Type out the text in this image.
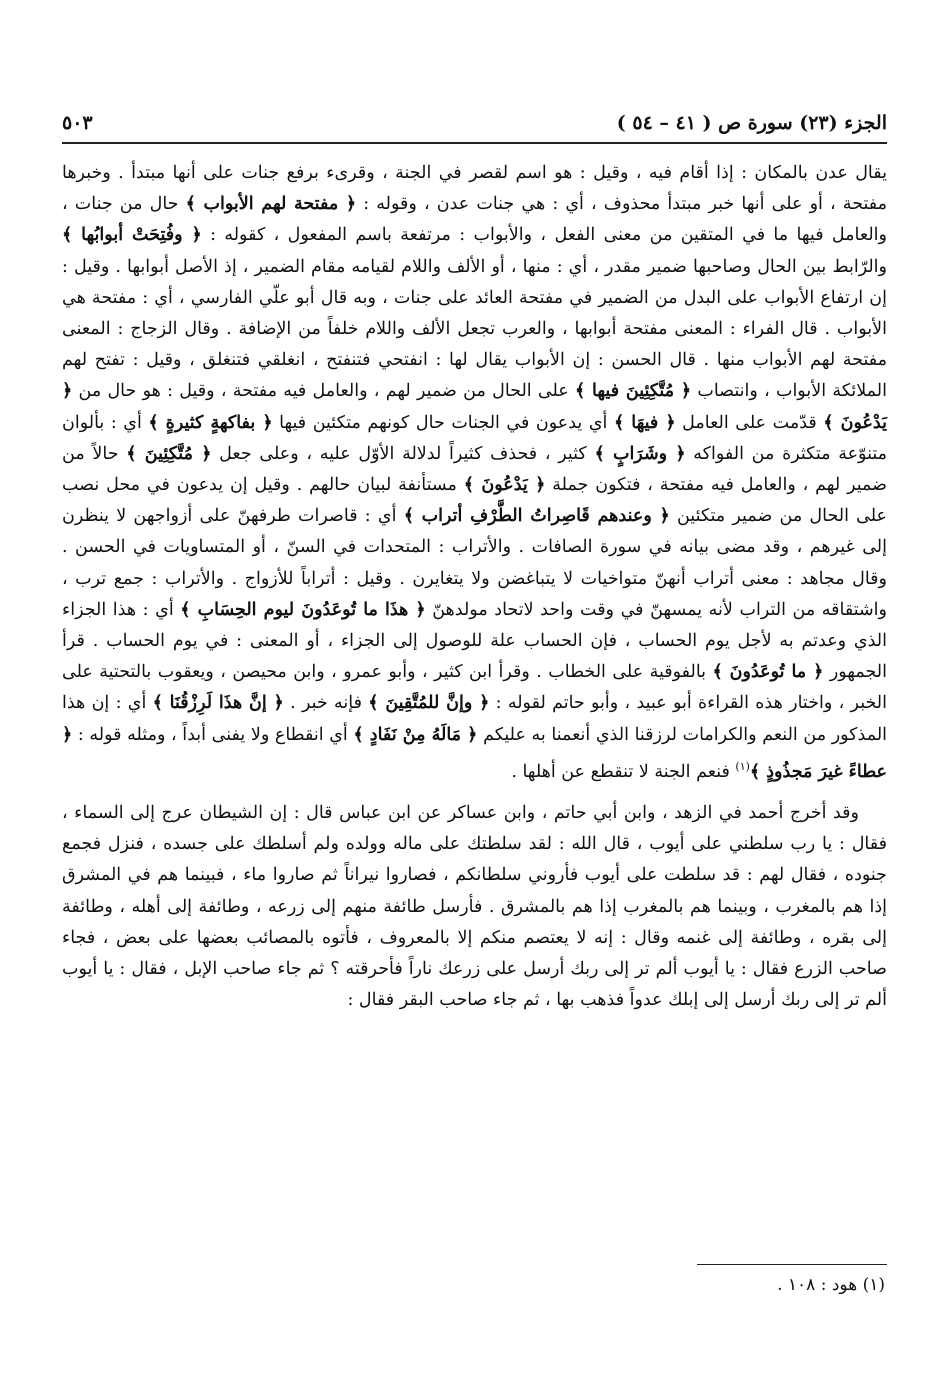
الجزء (٢٣) سورة ص ( ٤١ – ٥٤ )
٥٠٣

يقال عدن بالمكان : إذا أقام فيه ، وقيل : هو اسم لقصر في الجنة ، وقرىء برفع جنات على أنها مبتدأ . وخبرها مفتحة ، أو على أنها خبر مبتدأ محذوف ، أي : هي جنات عدن ، وقوله : ﴿ مفتحة لهم الأبواب ﴾ حال من جنات ، والعامل فيها ما في المتقين من معنى الفعل ، والأبواب : مرتفعة باسم المفعول ، كقوله : ﴿ وفُتِحَتْ أبوابُها ﴾ والرّابط بين الحال وصاحبها ضمير مقدر ، أي : منها ، أو الألف واللام لقيامه مقام الضمير ، إذ الأصل أبوابها . وقيل : إن ارتفاع الأبواب على البدل من الضمير في مفتحة العائد على جنات ، وبه قال أبو علّي الفارسي ، أي : مفتحة هي الأبواب . قال الفراء : المعنى مفتحة أبوابها ، والعرب تجعل الألف واللام خلفاً من الإضافة . وقال الزجاج : المعنى مفتحة لهم الأبواب منها . قال الحسن : إن الأبواب يقال لها : انفتحي فتنفتح ، انغلقي فتنغلق ، وقيل : تفتح لهم الملائكة الأبواب ، وانتصاب ﴿ مُتَّكِئِينَ فيها ﴾ على الحال من ضمير لهم ، والعامل فيه مفتحة ، وقيل : هو حال من ﴿ يَدْعُونَ ﴾ قدّمت على العامل ﴿ فيهَا ﴾ أي يدعون في الجنات حال كونهم متكئين فيها ﴿ بفاكهةٍ كثيرةٍ ﴾ أي : بألوان متنوّعة متكثرة من الفواكه ﴿ وشَرَابٍ ﴾ كثير ، فحذف كثيراً لدلالة الأوّل عليه ، وعلى جعل ﴿ مُتَّكِئِينَ ﴾ حالاً من ضمير لهم ، والعامل فيه مفتحة ، فتكون جملة ﴿ يَدْعُونَ ﴾ مستأنفة لبيان حالهم . وقيل إن يدعون في محل نصب على الحال من ضمير متكئين ﴿ وعندهم قَاصِراتُ الطَّرْفِ أتراب ﴾ أي : قاصرات طرفهنّ على أزواجهن لا ينظرن إلى غيرهم ، وقد مضى بيانه في سورة الصافات . والأتراب : المتحدات في السنّ ، أو المتساويات في الحسن . وقال مجاهد : معنى أتراب أنهنّ متواخيات لا يتباغضن ولا يتغايرن . وقيل : أتراباً للأزواج . والأتراب : جمع ترب ، واشتقاقه من التراب لأنه يمسهنّ في وقت واحد لاتحاد مولدهنّ ﴿ هذَا ما تُوعَدُونَ ليوم الحِسَابِ ﴾ أي : هذا الجزاء الذي وعدتم به لأجل يوم الحساب ، فإن الحساب علة للوصول إلى الجزاء ، أو المعنى : في يوم الحساب . قرأ الجمهور ﴿ ما تُوعَدُونَ ﴾ بالفوقية على الخطاب . وقرأ ابن كثير ، وأبو عمرو ، وابن محيصن ، ويعقوب بالتحتية على الخبر ، واختار هذه القراءة أبو عبيد ، وأبو حاتم لقوله : ﴿ وإنَّ للمُتَّقِينَ ﴾ فإنه خبر . ﴿ إنَّ هذَا لَرِزْقُنَا ﴾ أي : إن هذا المذكور من النعم والكرامات لرزقنا الذي أنعمنا به عليكم ﴿ مَالَهُ مِنْ نَفَادٍ ﴾ أي انقطاع ولا يفنى أبداً ، ومثله قوله : ﴿ عطاءً غيرَ مَجذُوذٍ ﴾$^{(١)}$ فنعم الجنة لا تنقطع عن أهلها .

وقد أخرج أحمد في الزهد ، وابن أبي حاتم ، وابن عساكر عن ابن عباس قال : إن الشيطان عرج إلى السماء ، فقال : يا رب سلطني على أيوب ، قال الله : لقد سلطتك على ماله وولده ولم أسلطك على جسده ، فنزل فجمع جنوده ، فقال لهم : قد سلطت على أيوب فأروني سلطانكم ، فصاروا نيراناً ثم صاروا ماء ، فبينما هم في المشرق إذا هم بالمغرب ، وبينما هم بالمغرب إذا هم بالمشرق . فأرسل طائفة منهم إلى زرعه ، وطائفة إلى أهله ، وطائفة إلى بقره ، وطائفة إلى غنمه وقال : إنه لا يعتصم منكم إلا بالمعروف ، فأتوه بالمصائب بعضها على بعض ، فجاء صاحب الزرع فقال : يا أيوب ألم تر إلى ربك أرسل على زرعك ناراً فأحرقته ؟ ثم جاء صاحب الإبل ، فقال : يا أيوب ألم تر إلى ربك أرسل إلى إبلك عدواً فذهب بها ، ثم جاء صاحب البقر فقال :

(١) هود : ١٠٨ .
